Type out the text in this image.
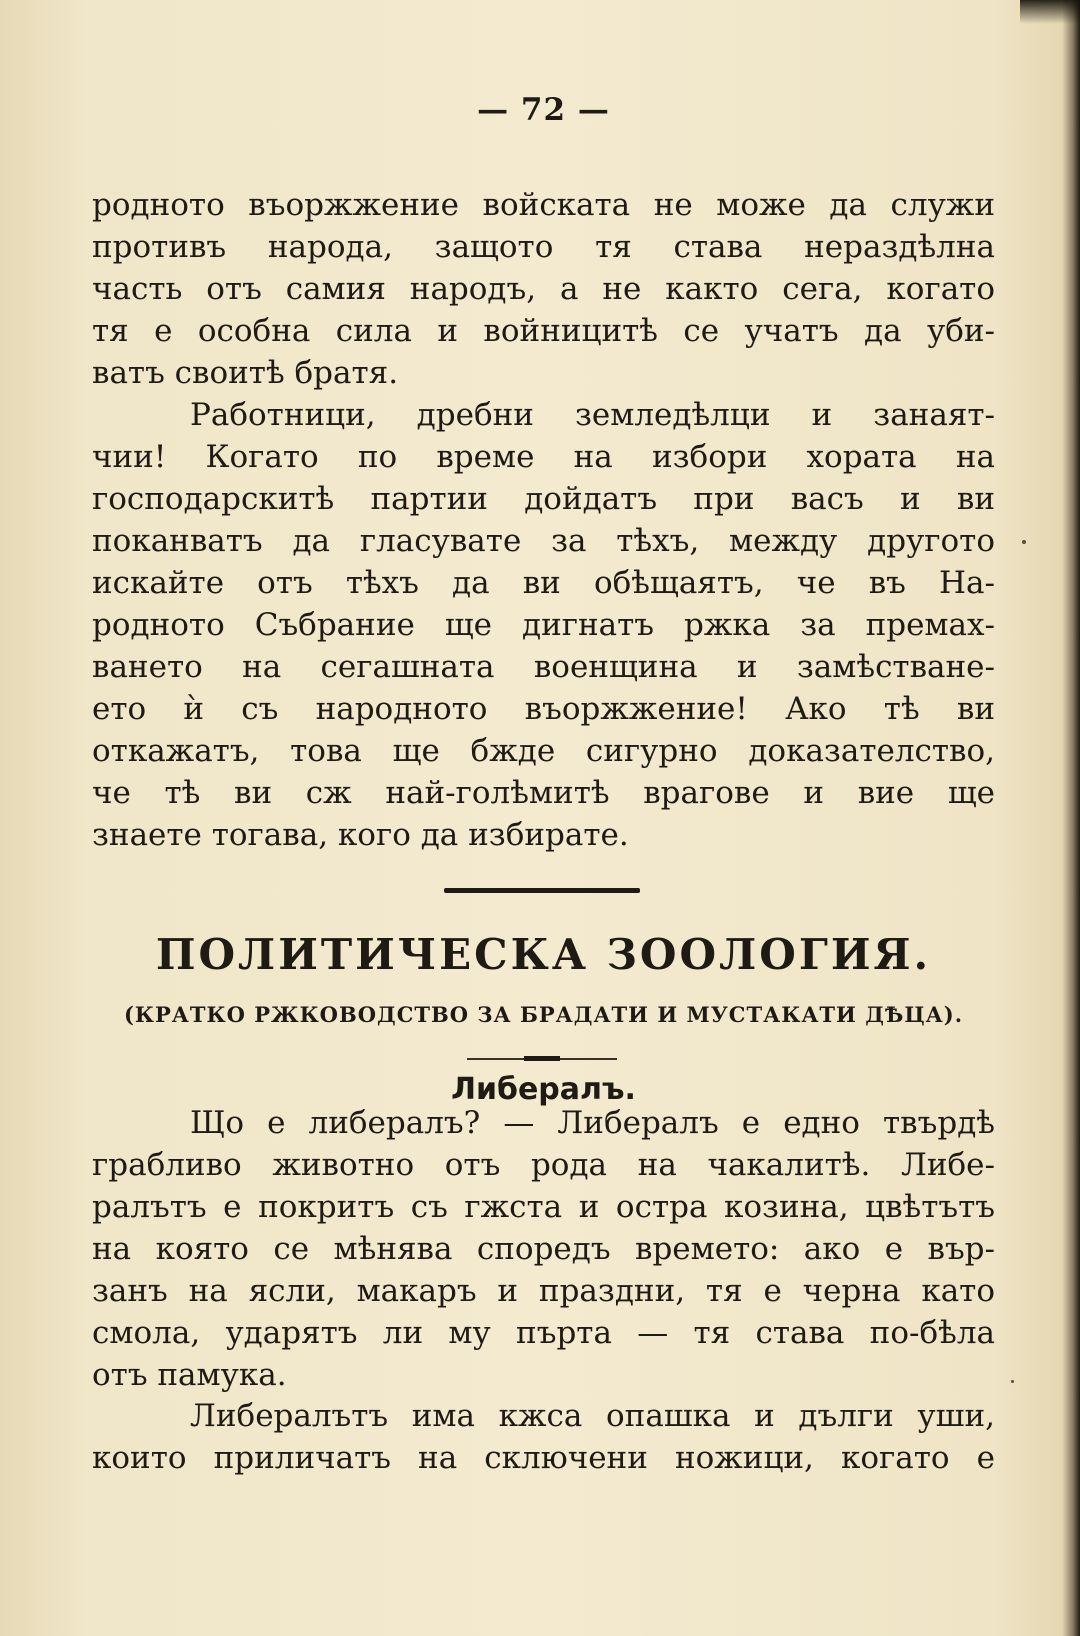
— 72 —
родното въоржжение войската не може да служи
противъ народа, защото тя става нераздѣлна
часть отъ самия народъ, а не както сега, когато
тя е особна сила и войницитѣ се учатъ да уби-
ватъ своитѣ братя.
Работници, дребни земледѣлци и занаят-
чии! Когато по време на избори хората на
господарскитѣ партии дойдатъ при васъ и ви
поканватъ да гласувате за тѣхъ, между другото
искайте отъ тѣхъ да ви обѣщаятъ, че въ На-
родното Събрание ще дигнатъ ржка за премах-
ването на сегашната военщина и замѣстване-
ето ѝ съ народното въоржжение! Ако тѣ ви
откажатъ, това ще бжде сигурно доказателство,
че тѣ ви сж най-голѣмитѣ врагове и вие ще
знаете тогава, кого да избирате.
ПОЛИТИЧЕСКА ЗООЛОГИЯ.
(КРАТКО РЖКОВОДСТВО ЗА БРАДАТИ И МУСТАКАТИ ДѢЦА).
Либералъ.
Що е либералъ? — Либералъ е едно твърдѣ
грабливо животно отъ рода на чакалитѣ. Либе-
ралътъ е покритъ съ гжста и остра козина, цвѣтътъ
на която се мѣнява споредъ времето: ако е вър-
занъ на ясли, макаръ и праздни, тя е черна като
смола, ударятъ ли му пърта — тя става по-бѣла
отъ памука.
Либералътъ има кжса опашка и дълги уши,
които приличатъ на сключени ножици, когато е
